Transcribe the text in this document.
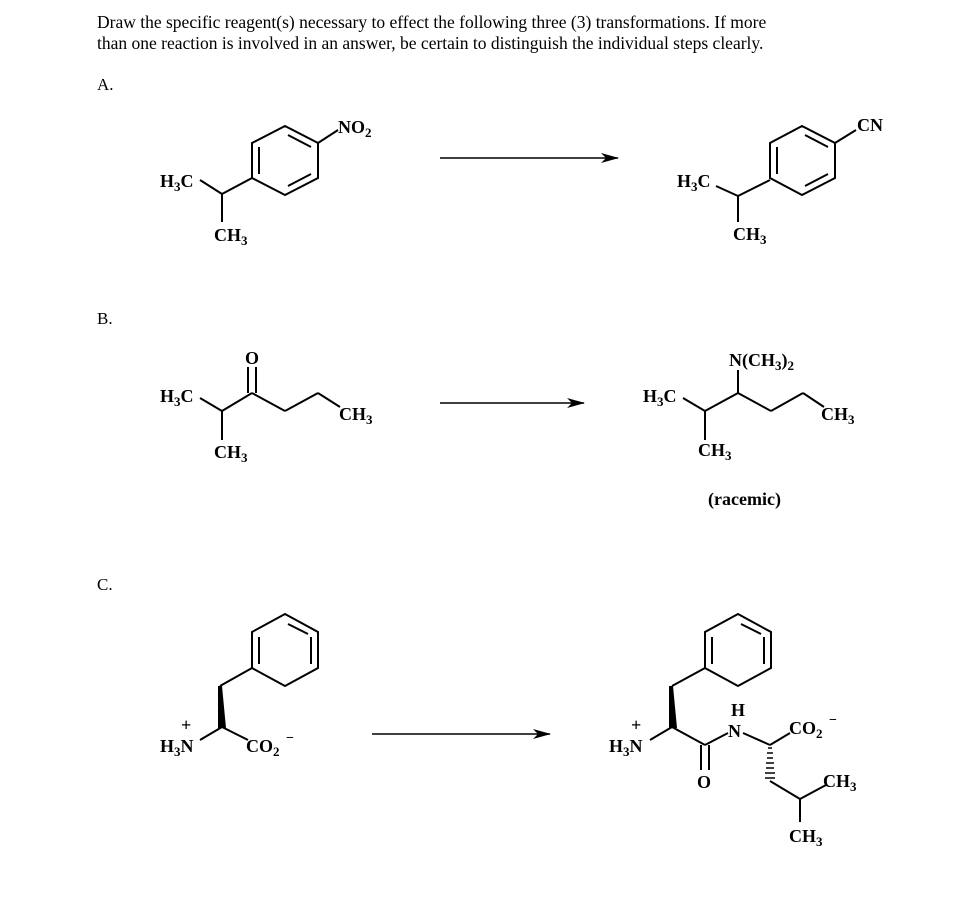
Draw the specific reagent(s) necessary to effect the following three (3) transformations. If more
than one reaction is involved in an answer, be certain to distinguish the individual steps clearly.
A.
B.
C.
H3C
CH3
NO2
H3C
CH3
CN
O
H3C
CH3
CH3
N(CH3)2
H3C
CH3
CH3
(racemic)
+
H3N	CO2
−
+
H3N
O
H
N	CO2
−
CH3
CH3
